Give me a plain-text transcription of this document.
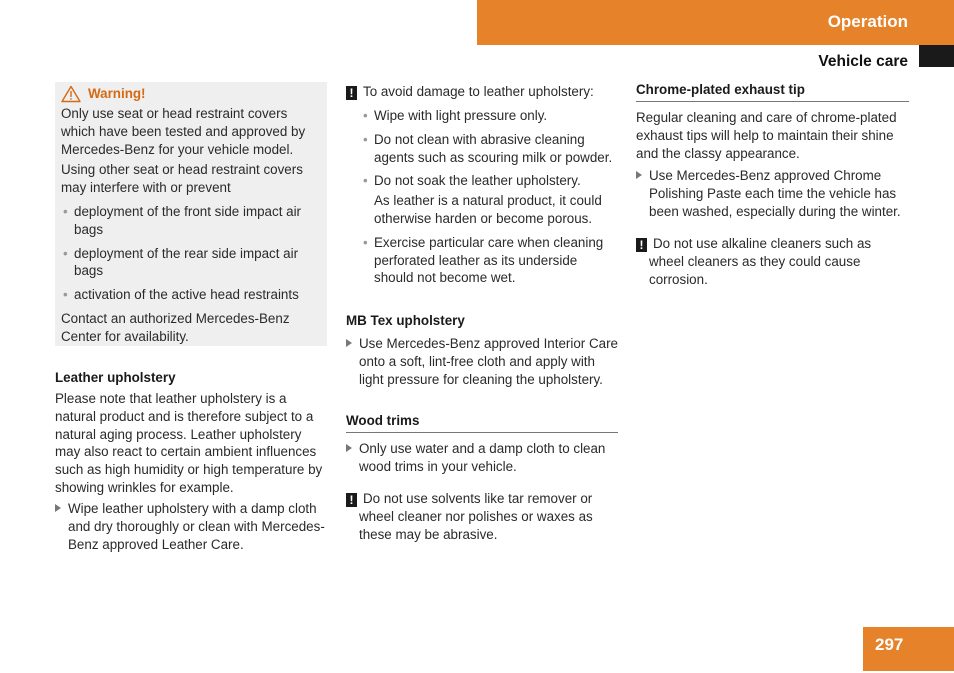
Operation
Vehicle care
Warning!
Only use seat or head restraint covers which have been tested and approved by Mercedes-Benz for your vehicle model.
Using other seat or head restraint covers may interfere with or prevent
• deployment of the front side impact air bags
• deployment of the rear side impact air bags
• activation of the active head restraints
Contact an authorized Mercedes-Benz Center for availability.
Leather upholstery
Please note that leather upholstery is a natural product and is therefore subject to a natural aging process. Leather upholstery may also react to certain ambient influences such as high humidity or high temperature by showing wrinkles for example.
Wipe leather upholstery with a damp cloth and dry thoroughly or clean with Mercedes-Benz approved Leather Care.
! To avoid damage to leather upholstery:
• Wipe with light pressure only.
• Do not clean with abrasive cleaning agents such as scouring milk or powder.
• Do not soak the leather upholstery.
As leather is a natural product, it could otherwise harden or become porous.
• Exercise particular care when cleaning perforated leather as its underside should not become wet.
MB Tex upholstery
Use Mercedes-Benz approved Interior Care onto a soft, lint-free cloth and apply with light pressure for cleaning the upholstery.
Wood trims
Only use water and a damp cloth to clean wood trims in your vehicle.
! Do not use solvents like tar remover or wheel cleaner nor polishes or waxes as these may be abrasive.
Chrome-plated exhaust tip
Regular cleaning and care of chrome-plated exhaust tips will help to maintain their shine and the classy appearance.
Use Mercedes-Benz approved Chrome Polishing Paste each time the vehicle has been washed, especially during the winter.
! Do not use alkaline cleaners such as wheel cleaners as they could cause corrosion.
297
